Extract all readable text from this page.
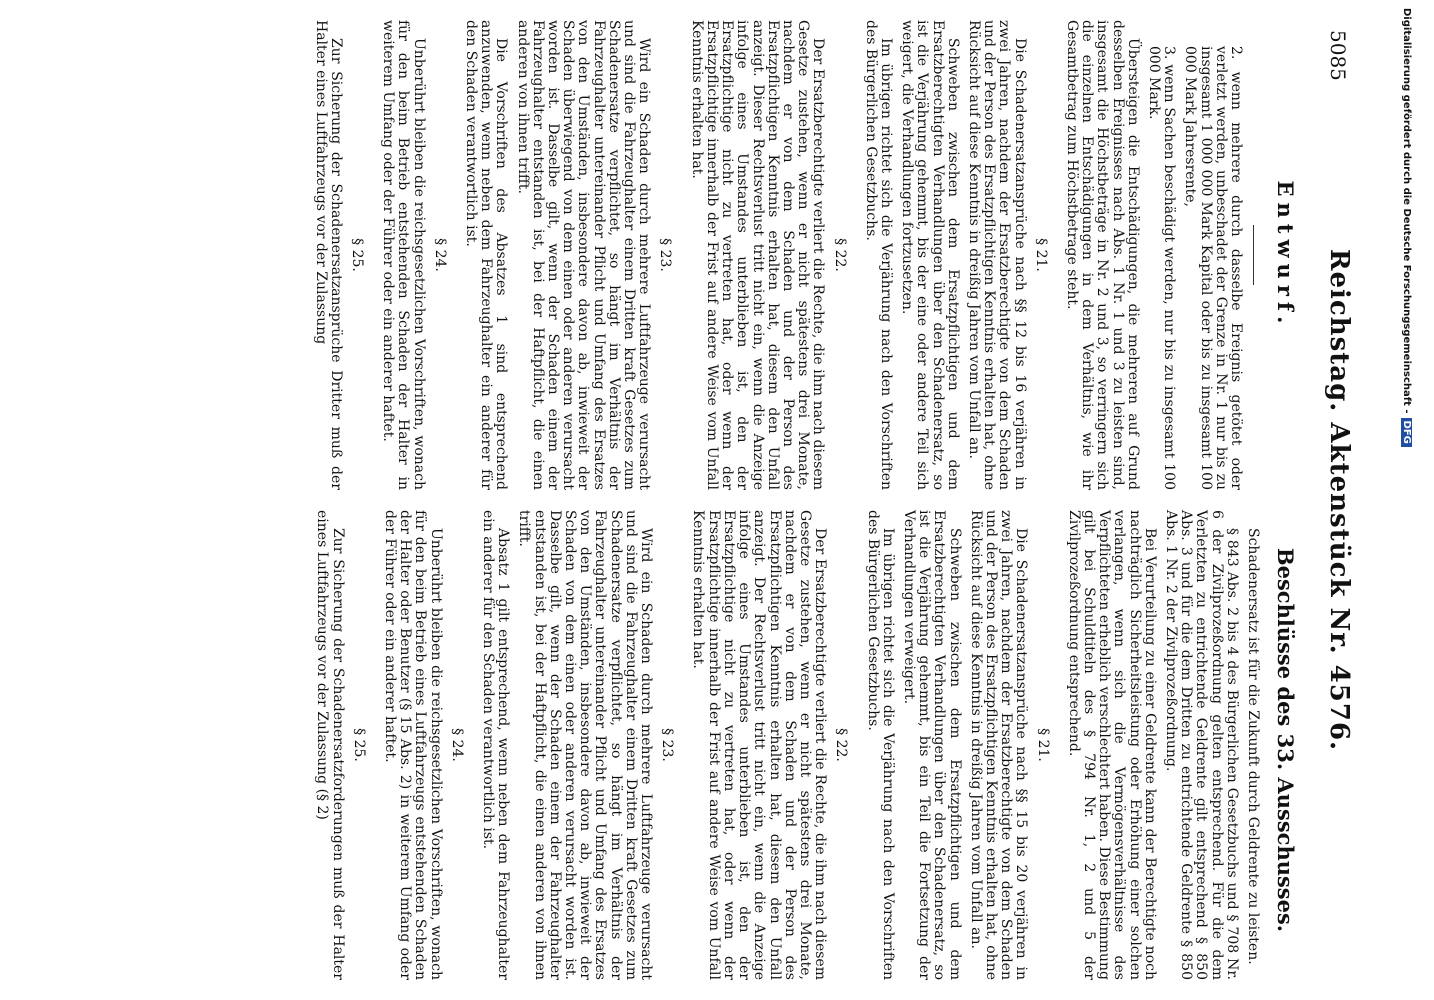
Reichstag. Aktenstück Nr. 4576.
5085
Beschlüsse des 33. Ausschusses.
Entwurf.

Schadenersatz ist für die Zukunft durch Geldrente zu leisten.

§ 843 Abs. 2 bis 4 des Bürgerlichen Gesetzbuchs und § 708 Nr. 6 der Zivilprozeßordnung gelten entsprechend. Für die dem Verletzten zu entrichtende Geldrente gilt entsprechend § 850 Abs. 3 und für die dem Dritten zu entrichtende Geldrente § 850 Abs. 1 Nr. 2 der Zivilprozeßordnung.

Bei Verurteilung zu einer Geldrente kann der Berechtigte noch nachträglich Sicherheitsleistung oder Erhöhung einer solchen verlangen, wenn sich die Vermögensverhältnisse des Verpflichteten erheblich verschlechtert haben. Diese Bestimmung gilt bei Schuldtiteln des § 794 Nr. 1, 2 und 5 der Zivilprozeßordnung entsprechend.

§ 21.

Die Schadenersatzansprüche nach §§ 15 bis 20 verjähren in zwei Jahren, nachdem der Ersatzberechtigte von dem Schaden und der Person des Ersatzpflichtigen Kenntnis erhalten hat, ohne Rücksicht auf diese Kenntnis in dreißig Jahren vom Unfall an.

Schweben zwischen dem Ersatzpflichtigen und dem Ersatzberechtigten Verhandlungen über den Schadenersatz, so ist die Verjährung gehemmt, bis ein Teil die Fortsetzung der Verhandlungen verweigert.

Im übrigen richtet sich die Verjährung nach den Vorschriften des Bürgerlichen Gesetzbuchs.

§ 22.

Der Ersatzberechtigte verliert die Rechte, die ihm nach diesem Gesetze zustehen, wenn er nicht spätestens drei Monate, nachdem er von dem Schaden und der Person des Ersatzpflichtigen Kenntnis erhalten hat, diesem den Unfall anzeigt. Der Rechtsverlust tritt nicht ein, wenn die Anzeige infolge eines Umstandes unterblieben ist, den der Ersatzpflichtige nicht zu vertreten hat, oder wenn der Ersatzpflichtige innerhalb der Frist auf andere Weise vom Unfall Kenntnis erhalten hat.

§ 23.

Wird ein Schaden durch mehrere Luftfahrzeuge verursacht und sind die Fahrzeughalter einem Dritten kraft Gesetzes zum Schadenersatze verpflichtet, so hängt im Verhältnis der Fahrzeughalter untereinander Pflicht und Umfang des Ersatzes von den Umständen, insbesondere davon ab, inwieweit der Schaden von dem einen oder anderen verursacht worden ist. Dasselbe gilt, wenn der Schaden einem der Fahrzeughalter entstanden ist, bei der Haftpflicht, die einen anderen von ihnen trifft.

Absatz 1 gilt entsprechend, wenn neben dem Fahrzeughalter ein anderer für den Schaden verantwortlich ist.

§ 24.

Unberührt bleiben die reichsgesetzlichen Vorschriften, wonach für den beim Betrieb eines Luftfahrzeugs entstehenden Schaden der Halter oder Benutzer (§ 15 Abs. 2) in weiterem Umfang oder der Führer oder ein anderer haftet.

§ 25.

Zur Sicherung der Schadenersatzforderungen muß der Halter eines Luftfahrzeugs vor der Zulassung (§ 2)

2. wenn mehrere durch dasselbe Ereignis getötet oder verletzt werden, unbeschadet der Grenze in Nr. 1 nur bis zu insgesamt 1 000 000 Mark Kapital oder bis zu insgesamt 100 000 Mark Jahresrente,

3. wenn Sachen beschädigt werden, nur bis zu insgesamt 100 000 Mark.

Übersteigen die Entschädigungen, die mehreren auf Grund desselben Ereignisses nach Abs. 1 Nr. 1 und 3 zu leisten sind, insgesamt die Höchstbeträge in Nr. 2 und 3, so verringern sich die einzelnen Entschädigungen in dem Verhältnis, wie ihr Gesamtbetrag zum Höchstbetrage steht.

§ 21.

Die Schadenersatzansprüche nach §§ 12 bis 16 verjähren in zwei Jahren, nachdem der Ersatzberechtigte von dem Schaden und der Person des Ersatzpflichtigen Kenntnis erhalten hat, ohne Rücksicht auf diese Kenntnis in dreißig Jahren vom Unfall an.

Schweben zwischen dem Ersatzpflichtigen und dem Ersatzberechtigten Verhandlungen über den Schadenersatz, so ist die Verjährung gehemmt, bis der eine oder andere Teil sich weigert, die Verhandlungen fortzusetzen.

Im übrigen richtet sich die Verjährung nach den Vorschriften des Bürgerlichen Gesetzbuchs.

§ 22.

Der Ersatzberechtigte verliert die Rechte, die ihm nach diesem Gesetze zustehen, wenn er nicht spätestens drei Monate, nachdem er von dem Schaden und der Person des Ersatzpflichtigen Kenntnis erhalten hat, diesem den Unfall anzeigt. Dieser Rechtsverlust tritt nicht ein, wenn die Anzeige infolge eines Umstandes unterblieben ist, den der Ersatzpflichtige nicht zu vertreten hat, oder wenn der Ersatzpflichtige innerhalb der Frist auf andere Weise vom Unfall Kenntnis erhalten hat.

§ 23.

Wird ein Schaden durch mehrere Luftfahrzeuge verursacht und sind die Fahrzeughalter einem Dritten kraft Gesetzes zum Schadenersatze verpflichtet, so hängt im Verhältnis der Fahrzeughalter untereinander Pflicht und Umfang des Ersatzes von den Umständen, insbesondere davon ab, inwieweit der Schaden überwiegend von dem einen oder anderen verursacht worden ist. Dasselbe gilt, wenn der Schaden einem der Fahrzeughalter entstanden ist, bei der Haftpflicht, die einen anderen von ihnen trifft.

Die Vorschriften des Absatzes 1 sind entsprechend anzuwenden, wenn neben dem Fahrzeughalter ein anderer für den Schaden verantwortlich ist.

§ 24.

Unberührt bleiben die reichsgesetzlichen Vorschriften, wonach für den beim Betrieb entstehenden Schaden der Halter in weiterem Umfang oder der Führer oder ein anderer haftet.

§ 25.

Zur Sicherung der Schadenersatzansprüche Dritter muß der Halter eines Luftfahrzeugs vor der Zulassung	Digitalisierung gefördert durch die Deutsche Forschungsgemeinschaft -DFG
